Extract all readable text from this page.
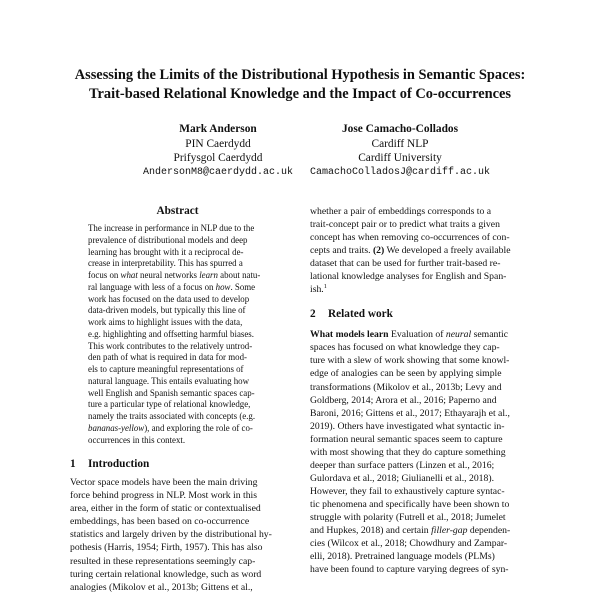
Assessing the Limits of the Distributional Hypothesis in Semantic Spaces:
Trait-based Relational Knowledge and the Impact of Co-occurrences
Mark Anderson
PIN Caerdydd
Prifysgol Caerdydd
AndersonM8@caerdydd.ac.uk
Jose Camacho-Collados
Cardiff NLP
Cardiff University
CamachoColladosJ@cardiff.ac.uk
Abstract
The increase in performance in NLP due to the
prevalence of distributional models and deep
learning has brought with it a reciprocal de-
crease in interpretability. This has spurred a
focus on what neural networks learn about natu-
ral language with less of a focus on how. Some
work has focused on the data used to develop
data-driven models, but typically this line of
work aims to highlight issues with the data,
e.g. highlighting and offsetting harmful biases.
This work contributes to the relatively untrod-
den path of what is required in data for mod-
els to capture meaningful representations of
natural language. This entails evaluating how
well English and Spanish semantic spaces cap-
ture a particular type of relational knowledge,
namely the traits associated with concepts (e.g.
bananas-yellow), and exploring the role of co-
occurrences in this context.
1 Introduction
Vector space models have been the main driving
force behind progress in NLP. Most work in this
area, either in the form of static or contextualised
embeddings, has been based on co-occurrence
statistics and largely driven by the distributional hy-
pothesis (Harris, 1954; Firth, 1957). This has also
resulted in these representations seemingly cap-
turing certain relational knowledge, such as word
analogies (Mikolov et al., 2013b; Gittens et al.,
whether a pair of embeddings corresponds to a
trait-concept pair or to predict what traits a given
concept has when removing co-occurrences of con-
cepts and traits. (2) We developed a freely available
dataset that can be used for further trait-based re-
lational knowledge analyses for English and Span-
ish.$^1$
2 Related work
What models learn Evaluation of neural semantic
spaces has focused on what knowledge they cap-
ture with a slew of work showing that some knowl-
edge of analogies can be seen by applying simple
transformations (Mikolov et al., 2013b; Levy and
Goldberg, 2014; Arora et al., 2016; Paperno and
Baroni, 2016; Gittens et al., 2017; Ethayarajh et al.,
2019). Others have investigated what syntactic in-
formation neural semantic spaces seem to capture
with most showing that they do capture something
deeper than surface patters (Linzen et al., 2016;
Gulordava et al., 2018; Giulianelli et al., 2018).
However, they fail to exhaustively capture syntac-
tic phenomena and specifically have been shown to
struggle with polarity (Futrell et al., 2018; Jumelet
and Hupkes, 2018) and certain filler-gap dependen-
cies (Wilcox et al., 2018; Chowdhury and Zampar-
elli, 2018). Pretrained language models (PLMs)
have been found to capture varying degrees of syn-
